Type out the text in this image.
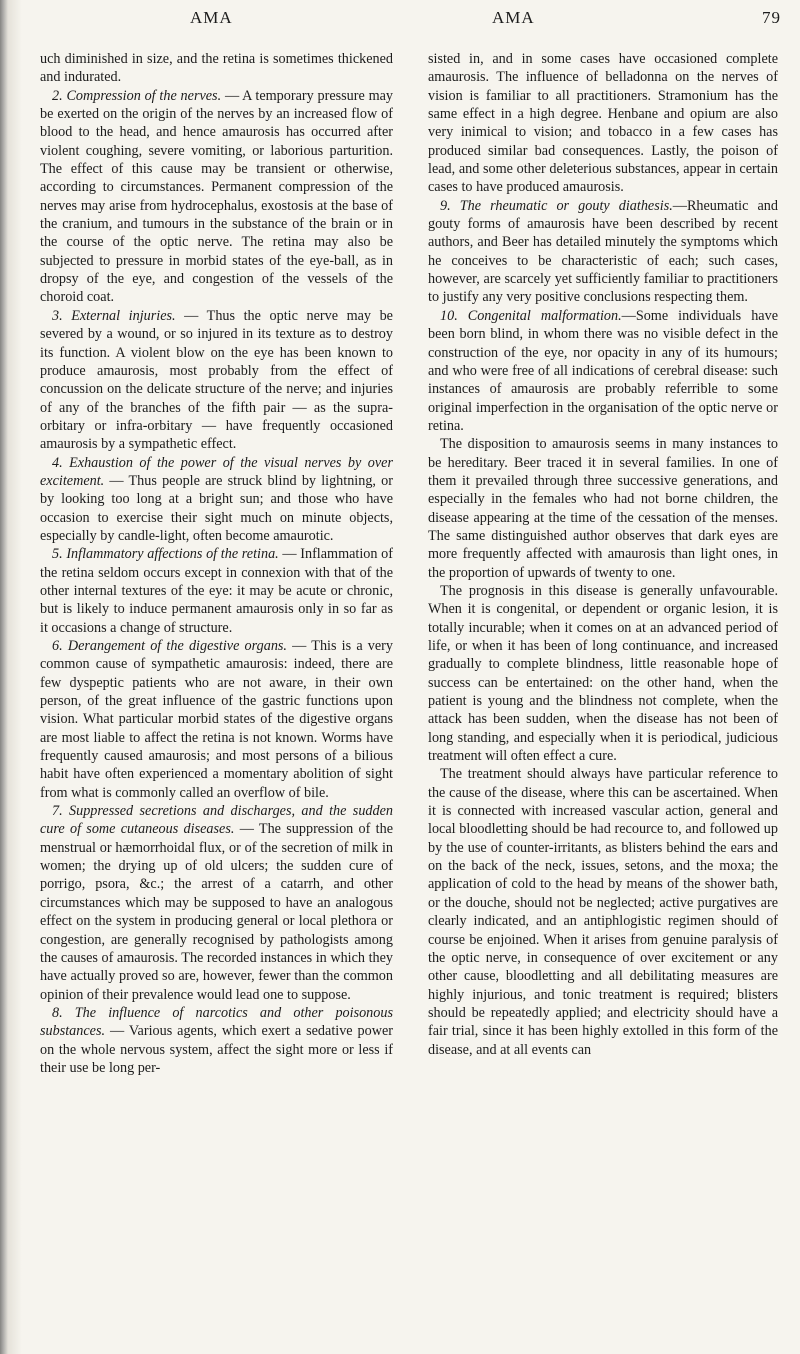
AMA	AMA	79

uch diminished in size, and the retina is sometimes thickened and indurated.

2. Compression of the nerves. — A temporary pressure may be exerted on the origin of the nerves by an increased flow of blood to the head, and hence amaurosis has occurred after violent coughing, severe vomiting, or laborious parturition. The effect of this cause may be transient or otherwise, according to circumstances. Permanent compression of the nerves may arise from hydrocephalus, exostosis at the base of the cranium, and tumours in the substance of the brain or in the course of the optic nerve. The retina may also be subjected to pressure in morbid states of the eye-ball, as in dropsy of the eye, and congestion of the vessels of the choroid coat.

3. External injuries. — Thus the optic nerve may be severed by a wound, or so injured in its texture as to destroy its function. A violent blow on the eye has been known to produce amaurosis, most probably from the effect of concussion on the delicate structure of the nerve; and injuries of any of the branches of the fifth pair — as the supra-orbitary or infra-orbitary — have frequently occasioned amaurosis by a sympathetic effect.

4. Exhaustion of the power of the visual nerves by over excitement. — Thus people are struck blind by lightning, or by looking too long at a bright sun; and those who have occasion to exercise their sight much on minute objects, especially by candle-light, often become amaurotic.

5. Inflammatory affections of the retina. — Inflammation of the retina seldom occurs except in connexion with that of the other internal textures of the eye: it may be acute or chronic, but is likely to induce permanent amaurosis only in so far as it occasions a change of structure.

6. Derangement of the digestive organs. — This is a very common cause of sympathetic amaurosis: indeed, there are few dyspeptic patients who are not aware, in their own person, of the great influence of the gastric functions upon vision. What particular morbid states of the digestive organs are most liable to affect the retina is not known. Worms have frequently caused amaurosis; and most persons of a bilious habit have often experienced a momentary abolition of sight from what is commonly called an overflow of bile.

7. Suppressed secretions and discharges, and the sudden cure of some cutaneous diseases. — The suppression of the menstrual or hæmorrhoidal flux, or of the secretion of milk in women; the drying up of old ulcers; the sudden cure of porrigo, psora, &c.; the arrest of a catarrh, and other circumstances which may be supposed to have an analogous effect on the system in producing general or local plethora or congestion, are generally recognised by pathologists among the causes of amaurosis. The recorded instances in which they have actually proved so are, however, fewer than the common opinion of their prevalence would lead one to suppose.

8. The influence of narcotics and other poisonous substances. — Various agents, which exert a sedative power on the whole nervous system, affect the sight more or less if their use be long per-

sisted in, and in some cases have occasioned complete amaurosis. The influence of belladonna on the nerves of vision is familiar to all practitioners. Stramonium has the same effect in a high degree. Henbane and opium are also very inimical to vision; and tobacco in a few cases has produced similar bad consequences. Lastly, the poison of lead, and some other deleterious substances, appear in certain cases to have produced amaurosis.

9. The rheumatic or gouty diathesis.—Rheumatic and gouty forms of amaurosis have been described by recent authors, and Beer has detailed minutely the symptoms which he conceives to be characteristic of each; such cases, however, are scarcely yet sufficiently familiar to practitioners to justify any very positive conclusions respecting them.

10. Congenital malformation.—Some individuals have been born blind, in whom there was no visible defect in the construction of the eye, nor opacity in any of its humours; and who were free of all indications of cerebral disease: such instances of amaurosis are probably referrible to some original imperfection in the organisation of the optic nerve or retina.

The disposition to amaurosis seems in many instances to be hereditary. Beer traced it in several families. In one of them it prevailed through three successive generations, and especially in the females who had not borne children, the disease appearing at the time of the cessation of the menses. The same distinguished author observes that dark eyes are more frequently affected with amaurosis than light ones, in the proportion of upwards of twenty to one.

The prognosis in this disease is generally unfavourable. When it is congenital, or dependent or organic lesion, it is totally incurable; when it comes on at an advanced period of life, or when it has been of long continuance, and increased gradually to complete blindness, little reasonable hope of success can be entertained: on the other hand, when the patient is young and the blindness not complete, when the attack has been sudden, when the disease has not been of long standing, and especially when it is periodical, judicious treatment will often effect a cure.

The treatment should always have particular reference to the cause of the disease, where this can be ascertained. When it is connected with increased vascular action, general and local bloodletting should be had recource to, and followed up by the use of counter-irritants, as blisters behind the ears and on the back of the neck, issues, setons, and the moxa; the application of cold to the head by means of the shower bath, or the douche, should not be neglected; active purgatives are clearly indicated, and an antiphlogistic regimen should of course be enjoined. When it arises from genuine paralysis of the optic nerve, in consequence of over excitement or any other cause, bloodletting and all debilitating measures are highly injurious, and tonic treatment is required; blisters should be repeatedly applied; and electricity should have a fair trial, since it has been highly extolled in this form of the disease, and at all events can
